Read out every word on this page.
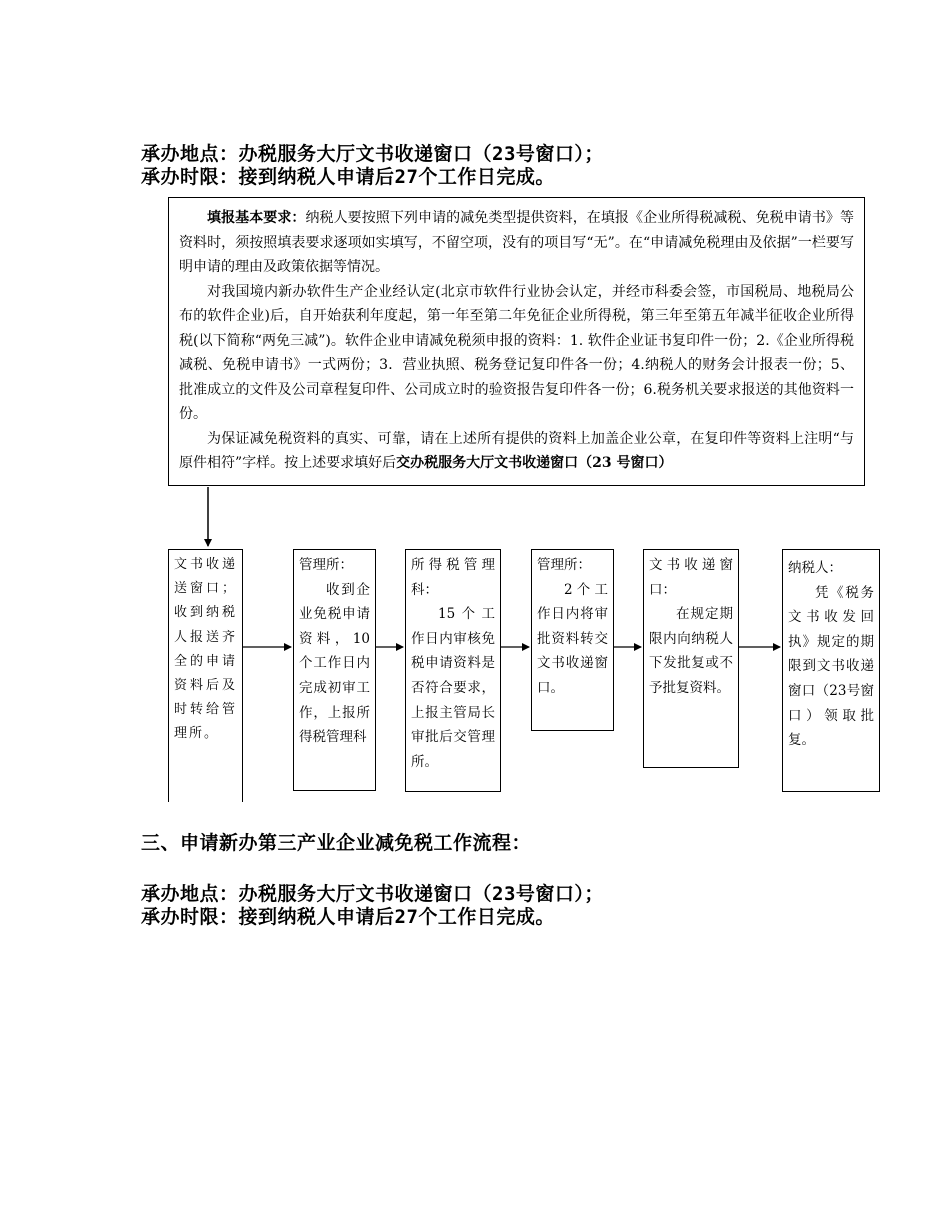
承办地点：办税服务大厅文书收递窗口（23号窗口）；
承办时限：接到纳税人申请后27个工作日完成。

填报基本要求：纳税人要按照下列申请的减免类型提供资料，在填报《企业所得税减税、免税申请书》等资料时，须按照填表要求逐项如实填写，不留空项，没有的项目写“无”。在“申请减免税理由及依据”一栏要写明申请的理由及政策依据等情况。

对我国境内新办软件生产企业经认定(北京市软件行业协会认定，并经市科委会签，市国税局、地税局公布的软件企业)后，自开始获利年度起，第一年至第二年免征企业所得税，第三年至第五年减半征收企业所得税(以下简称“两免三减”)。软件企业申请减免税须申报的资料：1. 软件企业证书复印件一份；2.《企业所得税减税、免税申请书》一式两份；3．营业执照、税务登记复印件各一份；4.纳税人的财务会计报表一份；5、批准成立的文件及公司章程复印件、公司成立时的验资报告复印件各一份；6.税务机关要求报送的其他资料一份。

为保证减免税资料的真实、可靠，请在上述所有提供的资料上加盖企业公章，在复印件等资料上注明“与原件相符”字样。按上述要求填好后交办税服务大厅文书收递窗口（23 号窗口）

文书收递送窗口；收到纳税人报送齐全的申请资料后及时转给管理所。
管理所：
收到企业免税申请资料，10个工作日内完成初审工作，上报所得税管理科
所得税管理科：
15个工作日内审核免税申请资料是否符合要求，上报主管局长审批后交管理所。
管理所：
2个工作日内将审批资料转交文书收递窗口。
文书收递窗口：
在规定期限内向纳税人下发批复或不予批复资料。
纳税人：
凭《税务文书收发回执》规定的期限到文书收递窗口（23号窗口）领取批复。
三、申请新办第三产业企业减免税工作流程：
承办地点：办税服务大厅文书收递窗口（23号窗口）；
承办时限：接到纳税人申请后27个工作日完成。
